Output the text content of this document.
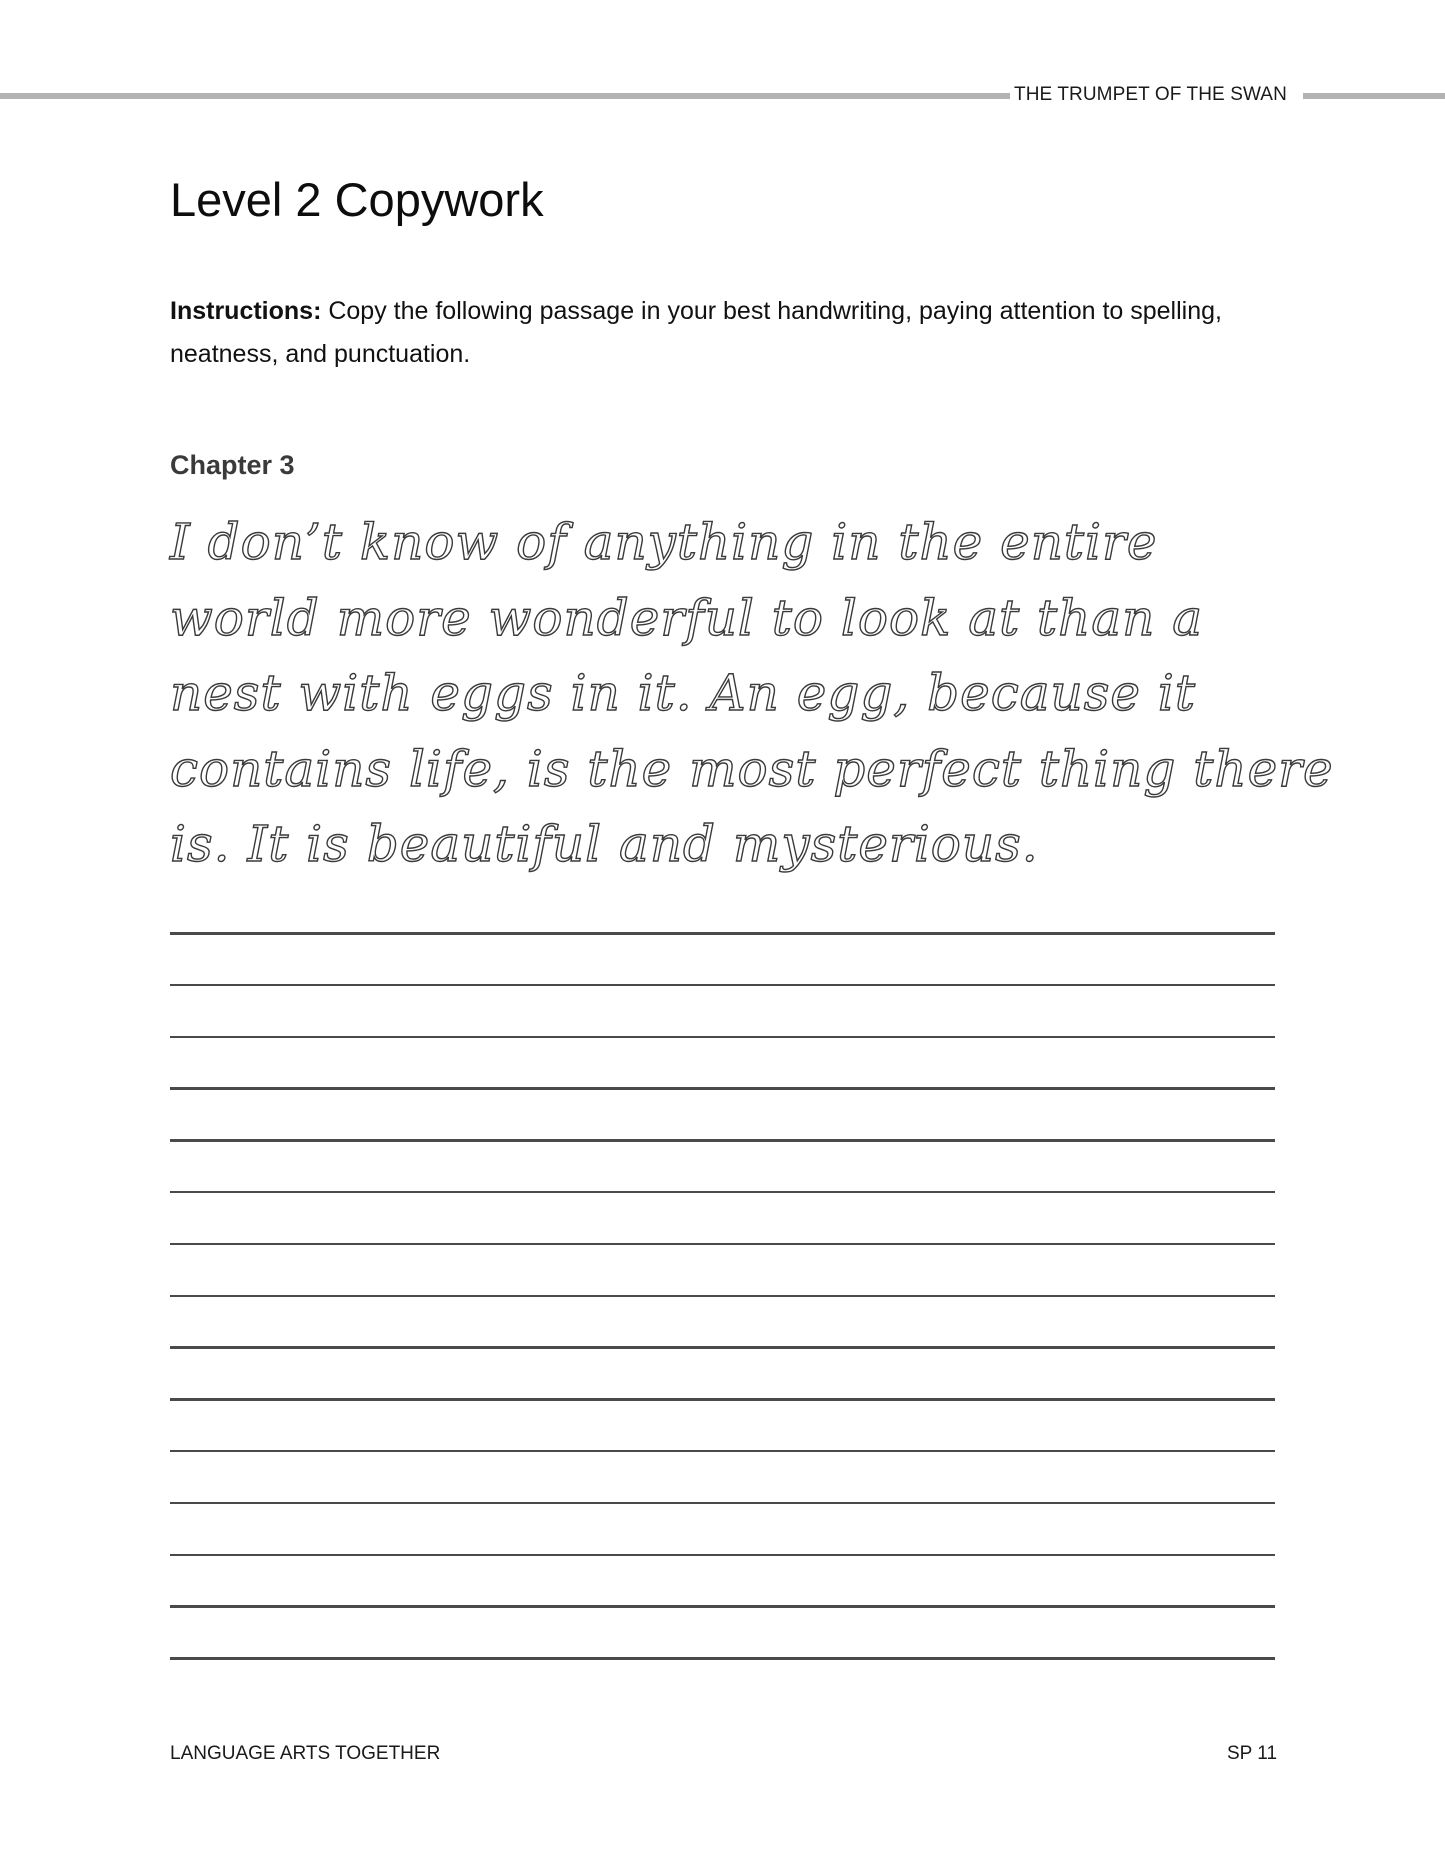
THE TRUMPET OF THE SWAN
Level 2 Copywork
Instructions: Copy the following passage in your best handwriting, paying attention to spelling, neatness, and punctuation.
Chapter 3
I don’t know of anything in the entire
world more wonderful to look at than a
nest with eggs in it. An egg, because it
contains life, is the most perfect thing there
is. It is beautiful and mysterious.
LANGUAGE ARTS TOGETHER	SP 11
